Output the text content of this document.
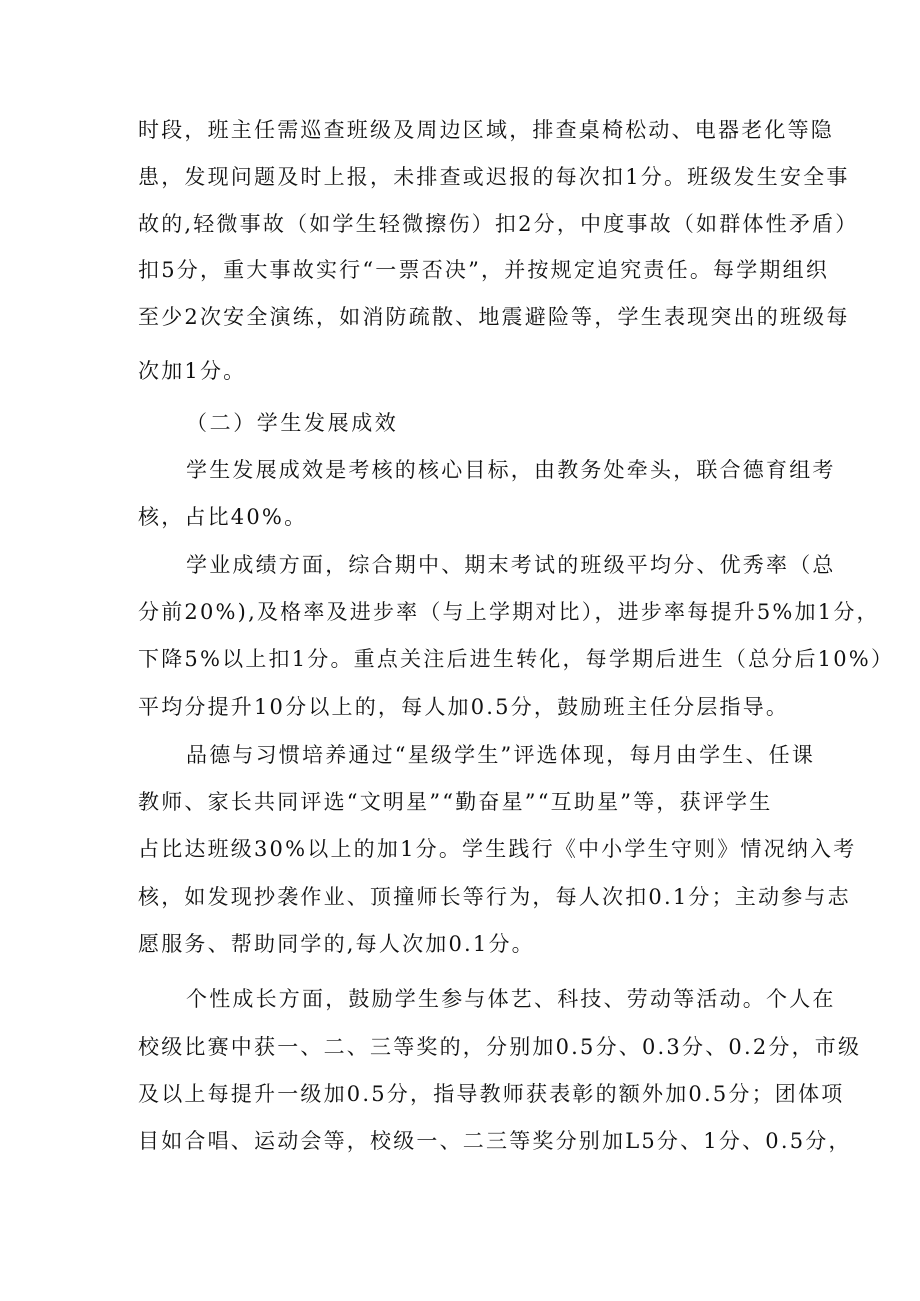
时段，班主任需巡查班级及周边区域，排查桌椅松动、电器老化等隐
患，发现问题及时上报，未排查或迟报的每次扣1分。班级发生安全事
故的,轻微事故（如学生轻微擦伤）扣2分，中度事故（如群体性矛盾）
扣5分，重大事故实行“一票否决”，并按规定追究责任。每学期组织
至少2次安全演练，如消防疏散、地震避险等，学生表现突出的班级每
次加1分。
（二）学生发展成效
学生发展成效是考核的核心目标，由教务处牵头，联合德育组考
核，占比40%。
学业成绩方面，综合期中、期末考试的班级平均分、优秀率（总
分前20%),及格率及进步率（与上学期对比），进步率每提升5%加1分，
下降5%以上扣1分。重点关注后进生转化，每学期后进生（总分后10%）
平均分提升10分以上的，每人加0.5分，鼓励班主任分层指导。
品德与习惯培养通过“星级学生”评选体现，每月由学生、任课
教师、家长共同评选“文明星”“勤奋星”“互助星”等，获评学生
占比达班级30%以上的加1分。学生践行《中小学生守则》情况纳入考
核，如发现抄袭作业、顶撞师长等行为，每人次扣0.1分；主动参与志
愿服务、帮助同学的,每人次加0.1分。
个性成长方面，鼓励学生参与体艺、科技、劳动等活动。个人在
校级比赛中获一、二、三等奖的，分别加0.5分、0.3分、0.2分，市级
及以上每提升一级加0.5分，指导教师获表彰的额外加0.5分；团体项
目如合唱、运动会等，校级一、二三等奖分别加L5分、1分、0.5分，
